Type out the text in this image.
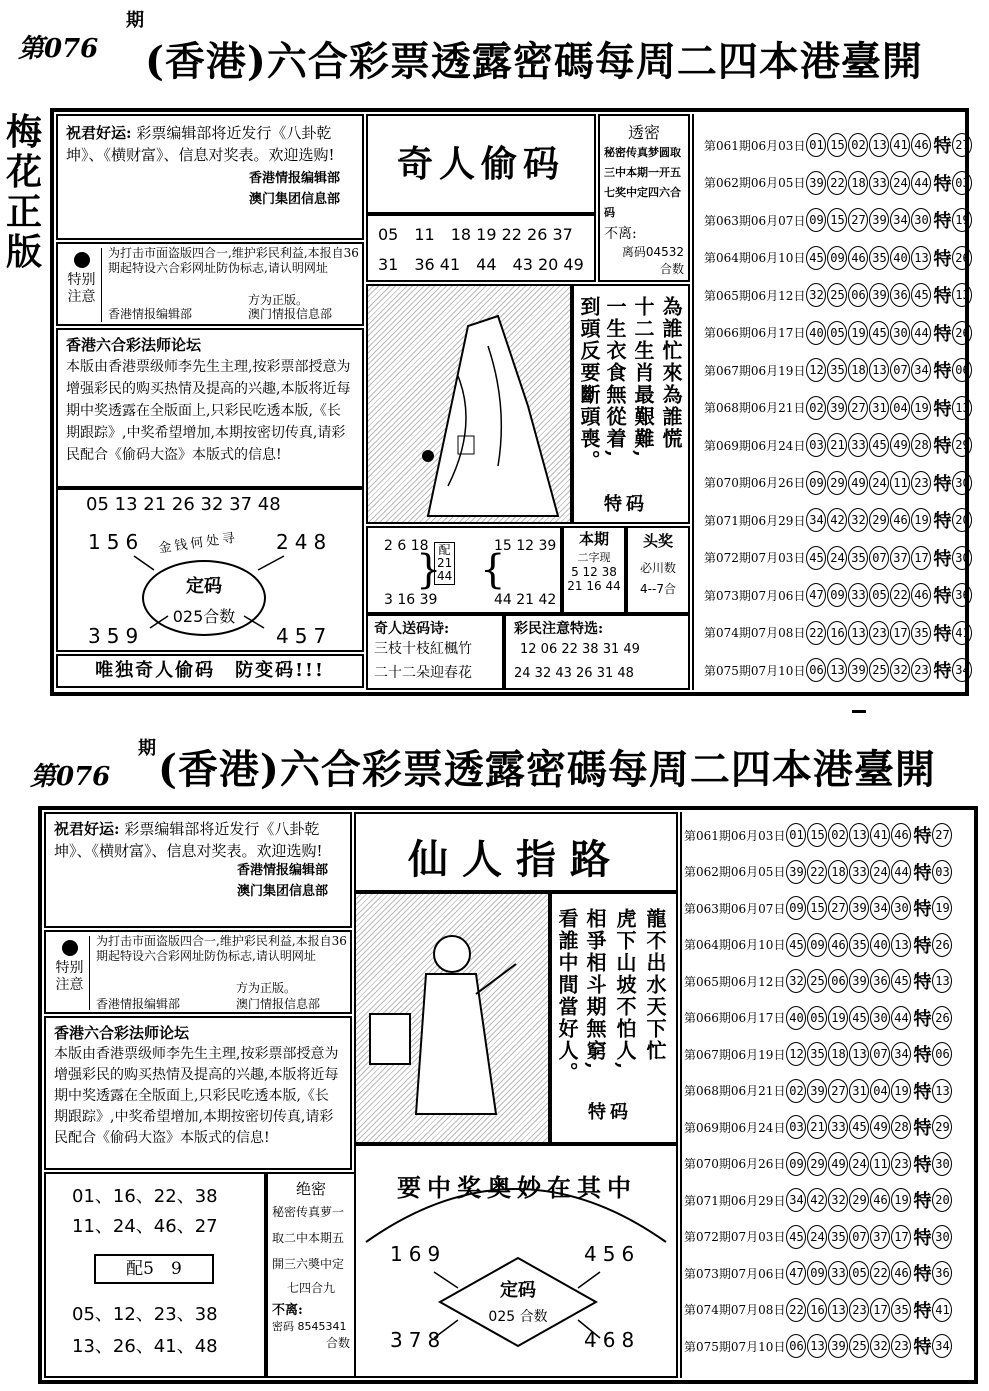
第076
期
(香港)六合彩票透露密碼每周二四本港臺開
梅
花
正
版
祝君好运: 彩票编辑部将近发行《八卦乾坤》、《横财富》、信息对奖表。欢迎选购!
香港情报编辑部
澳门集团信息部
特别注意
为打击市面盗版四合一,维护彩民利益,本报自36期起特设六合彩网址防伪标志,请认明网址
方为正版。
香港情报编辑部	澳门情报信息部
香港六合彩法师论坛
本版由香港票级师李先生主理,按彩票部授意为增强彩民的购买热情及提高的兴趣,本版将近每期中奖透露在全版面上,只彩民吃透本版,《长期跟踪》,中奖希望增加,本期按密切传真,请彩民配合《偷码大盗》本版式的信息!
05 13 21 26 32 37 48
156	248
359	457
金钱何处寻
定码
025合数
唯独奇人偷码　防变码!!!
奇人偷码
05　11　18 19 22 26 37
31　36 41　44　43 20 49
透密
秘密传真梦圆取三中本期一开五七奖中定四六合码
不离:
离码04532
合数
為誰忙來為誰慌
十二生肖最艱難,
一生衣食無從着,
到頭反要斷頭喪。
特码
2 6 18
3 16 39
配
21
44
} {
15 12 39
44 21 42
本期
二字现
5 12 38
21 16 44
头奖
必川数
4--7合
奇人送码诗:
三枝十枝紅楓竹
二十二朵迎春花
彩民注意特选:
12 06 22 38 31 49
24 32 43 26 31 48
第061期06月03日 01 15 02 13 41 46 特 27
第062期06月05日 39 22 18 33 24 44 特 03
第063期06月07日 09 15 27 39 34 30 特 19
第064期06月10日 45 09 46 35 40 13 特 26
第065期06月12日 32 25 06 39 36 45 特 13
第066期06月17日 40 05 19 45 30 44 特 26
第067期06月19日 12 35 18 13 07 34 特 06
第068期06月21日 02 39 27 31 04 19 特 13
第069期06月24日 03 21 33 45 49 28 特 29
第070期06月26日 09 29 49 24 11 23 特 30
第071期06月29日 34 42 32 29 46 19 特 20
第072期07月03日 45 24 35 07 37 17 特 30
第073期07月06日 47 09 33 05 22 46 特 36
第074期07月08日 22 16 13 23 17 35 特 41
第075期07月10日 06 13 39 25 32 23 特 34
第076
期 (香港)六合彩票透露密碼每周二四本港臺開
祝君好运: 彩票编辑部将近发行《八卦乾坤》、《横财富》、信息对奖表。欢迎选购!
香港情报编辑部
澳门集团信息部
特别注意
为打击市面盗版四合一,维护彩民利益,本报自36期起特设六合彩网址防伪标志,请认明网址
方为正版。
香港情报编辑部	澳门情报信息部
香港六合彩法师论坛
本版由香港票级师李先生主理,按彩票部授意为增强彩民的购买热情及提高的兴趣,本版将近每期中奖透露在全版面上,只彩民吃透本版,《长期跟踪》,中奖希望增加,本期按密切传真,请彩民配合《偷码大盗》本版式的信息!
01、16、22、38
11、24、46、27
配5　9
05、12、23、38
13、26、41、48
绝密
秘密传真萝一
取二中本期五
開三六奬中定
七四合九
不离:
密码 8545341
合数
仙人指路
龍不出水天下忙
虎下山坡不怕人,
相爭相斗期無窮,
看誰中間當好人。
特码
要中奖奥妙在其中
169	456
378	468
定码
025 合数
第061期06月03日 01 15 02 13 41 46 特 27
第062期06月05日 39 22 18 33 24 44 特 03
第063期06月07日 09 15 27 39 34 30 特 19
第064期06月10日 45 09 46 35 40 13 特 26
第065期06月12日 32 25 06 39 36 45 特 13
第066期06月17日 40 05 19 45 30 44 特 26
第067期06月19日 12 35 18 13 07 34 特 06
第068期06月21日 02 39 27 31 04 19 特 13
第069期06月24日 03 21 33 45 49 28 特 29
第070期06月26日 09 29 49 24 11 23 特 30
第071期06月29日 34 42 32 29 46 19 特 20
第072期07月03日 45 24 35 07 37 17 特 30
第073期07月06日 47 09 33 05 22 46 特 36
第074期07月08日 22 16 13 23 17 35 特 41
第075期07月10日 06 13 39 25 32 23 特 34
